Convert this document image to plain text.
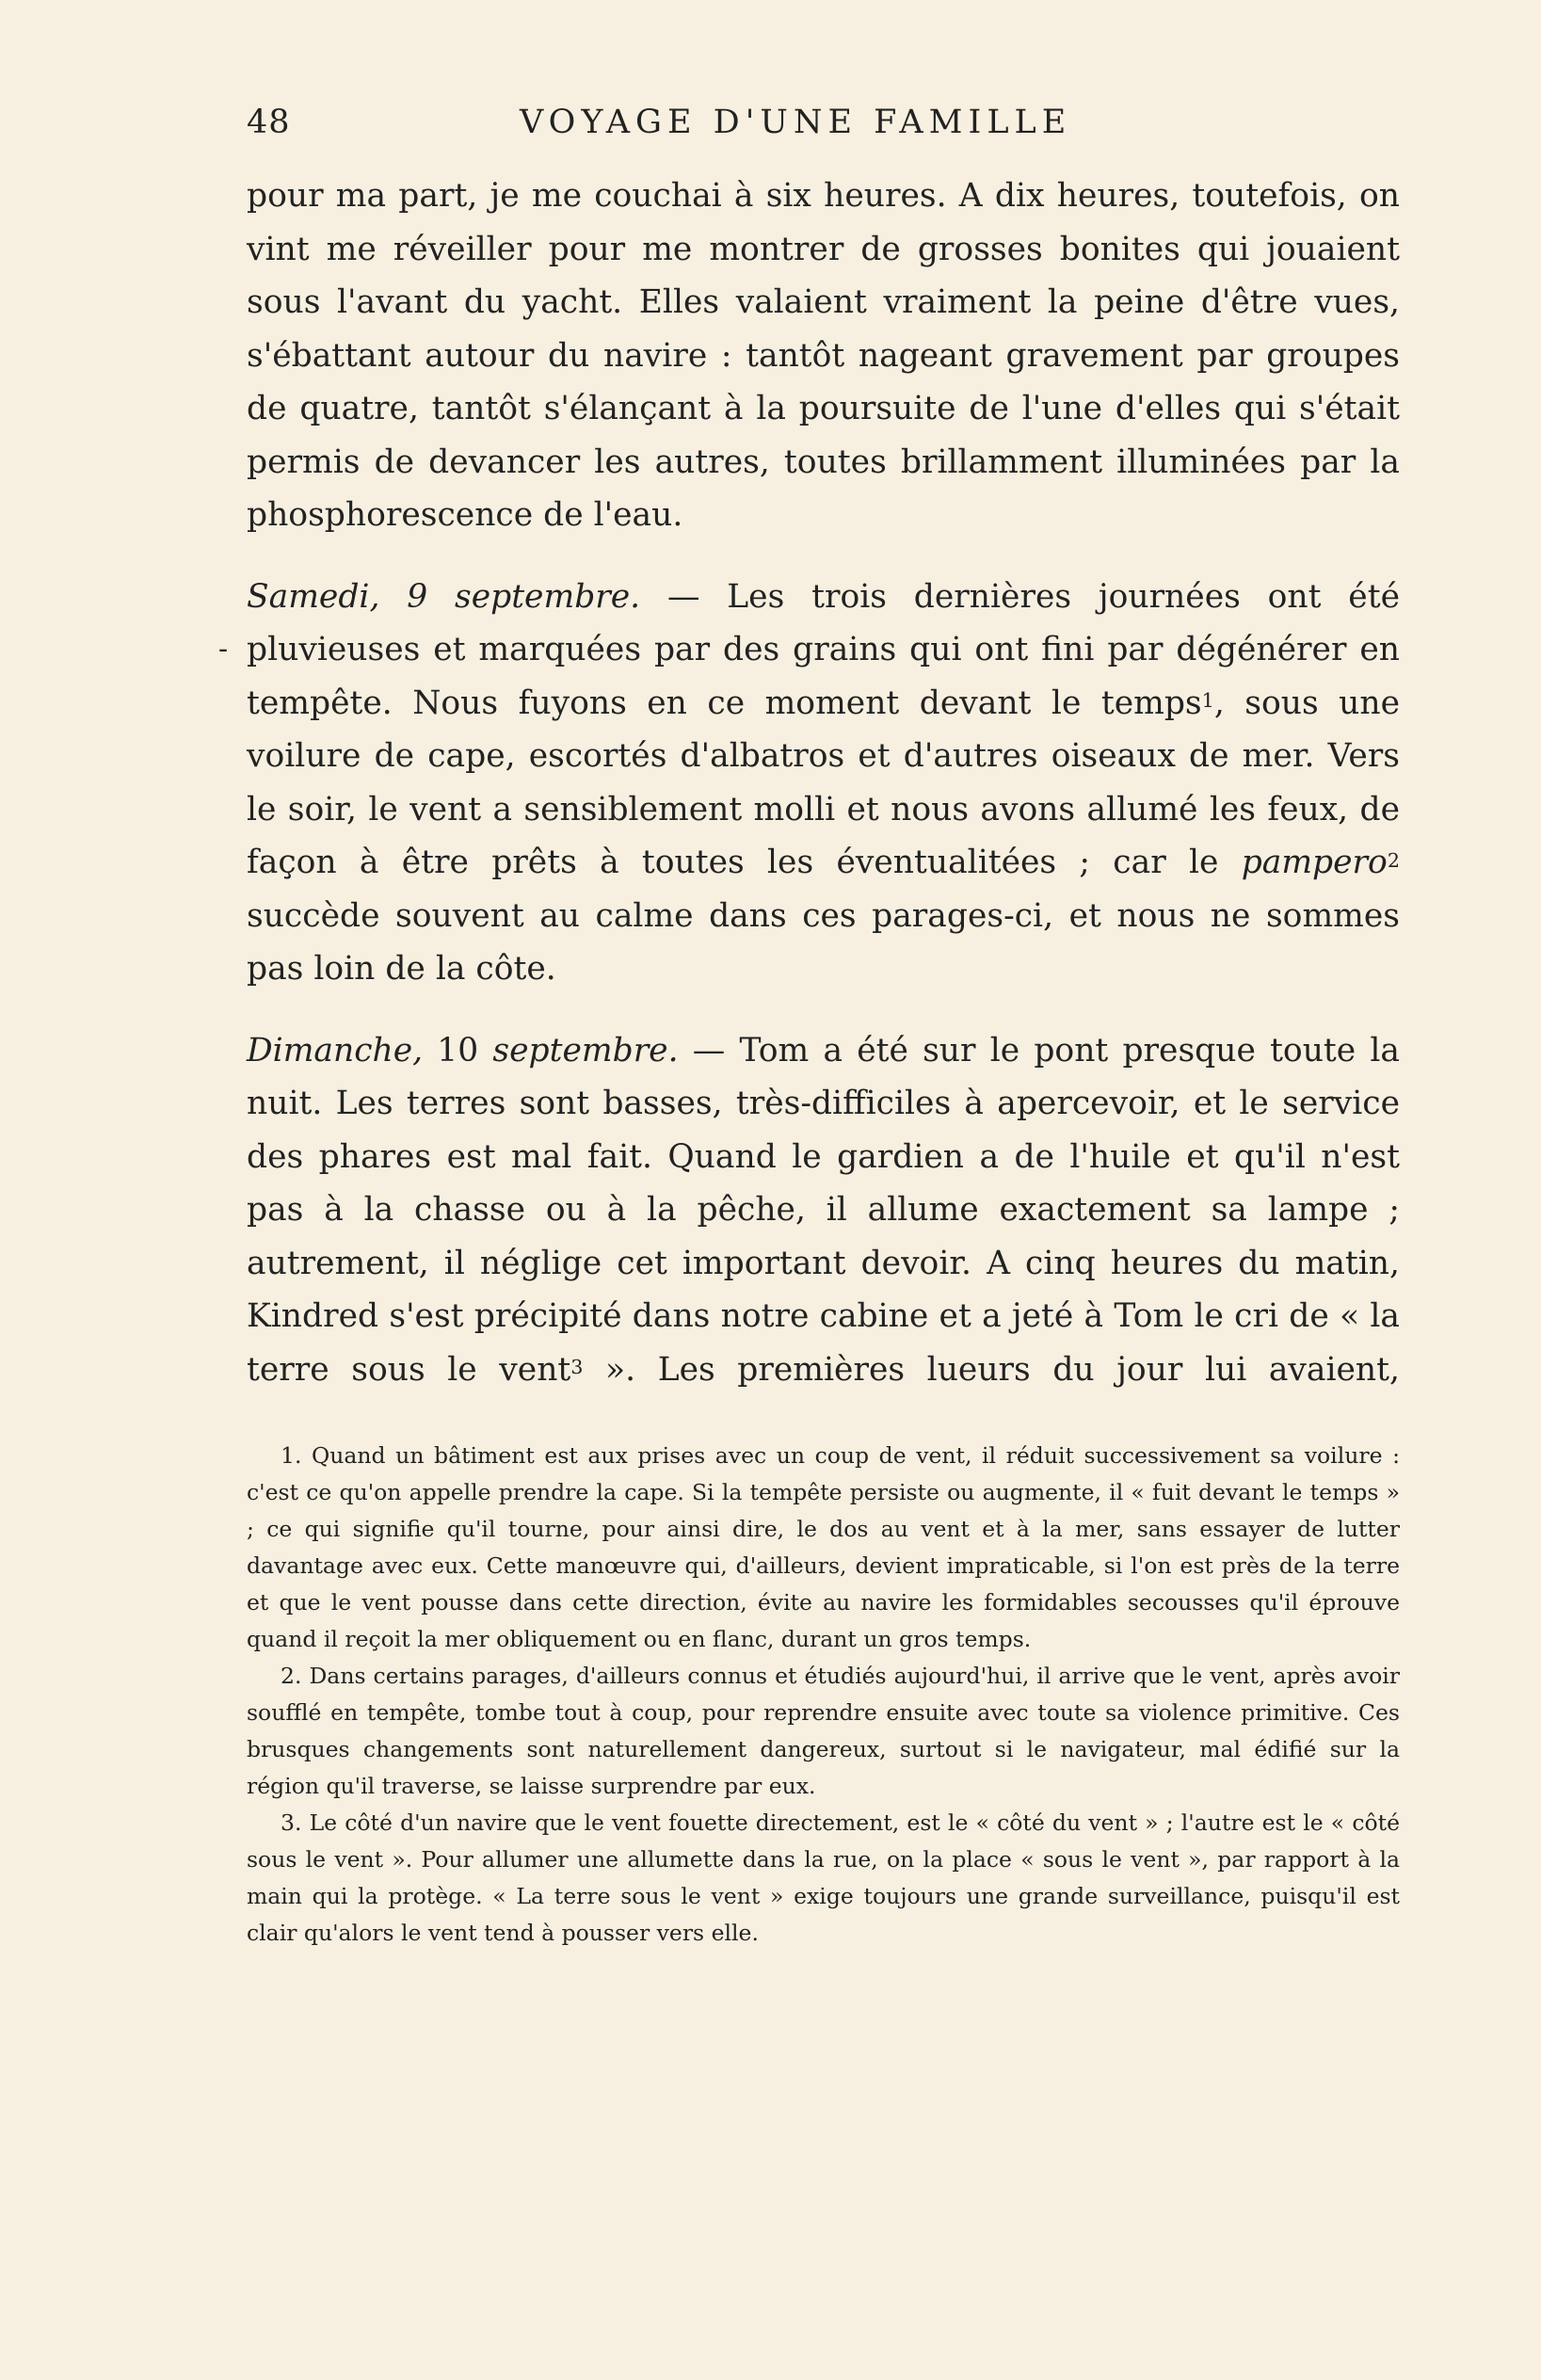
48	VOYAGE D'UNE FAMILLE

pour ma part, je me couchai à six heures. A dix heures, toutefois, on vint me réveiller pour me montrer de grosses bonites qui jouaient sous l'avant du yacht. Elles valaient vraiment la peine d'être vues, s'ébattant autour du navire : tantôt nageant gravement par groupes de quatre, tantôt s'élançant à la poursuite de l'une d'elles qui s'était permis de devancer les autres, toutes brillamment illuminées par la phosphorescence de l'eau.

-
Samedi, 9 septembre. — Les trois dernières journées ont été pluvieuses et marquées par des grains qui ont fini par dégénérer en tempête. Nous fuyons en ce moment devant le temps$^1$, sous une voilure de cape, escortés d'albatros et d'autres oiseaux de mer. Vers le soir, le vent a sensiblement molli et nous avons allumé les feux, de façon à être prêts à toutes les éventualitées ; car le pampero$^2$ succède souvent au calme dans ces parages-ci, et nous ne sommes pas loin de la côte.

Dimanche, 10 septembre. — Tom a été sur le pont presque toute la nuit. Les terres sont basses, très-difficiles à apercevoir, et le service des phares est mal fait. Quand le gardien a de l'huile et qu'il n'est pas à la chasse ou à la pêche, il allume exactement sa lampe ; autrement, il néglige cet important devoir. A cinq heures du matin, Kindred s'est précipité dans notre cabine et a jeté à Tom le cri de « la terre sous le vent$^3$ ». Les premières lueurs du jour lui avaient,

1. Quand un bâtiment est aux prises avec un coup de vent, il réduit successivement sa voilure : c'est ce qu'on appelle prendre la cape. Si la tempête persiste ou augmente, il « fuit devant le temps » ; ce qui signifie qu'il tourne, pour ainsi dire, le dos au vent et à la mer, sans essayer de lutter davantage avec eux. Cette manœuvre qui, d'ailleurs, devient impraticable, si l'on est près de la terre et que le vent pousse dans cette direction, évite au navire les formidables secousses qu'il éprouve quand il reçoit la mer obliquement ou en flanc, durant un gros temps.

2. Dans certains parages, d'ailleurs connus et étudiés aujourd'hui, il arrive que le vent, après avoir soufflé en tempête, tombe tout à coup, pour reprendre ensuite avec toute sa violence primitive. Ces brusques changements sont naturellement dangereux, surtout si le navigateur, mal édifié sur la région qu'il traverse, se laisse surprendre par eux.

3. Le côté d'un navire que le vent fouette directement, est le « côté du vent » ; l'autre est le « côté sous le vent ». Pour allumer une allumette dans la rue, on la place « sous le vent », par rapport à la main qui la protège. « La terre sous le vent » exige toujours une grande surveillance, puisqu'il est clair qu'alors le vent tend à pousser vers elle.
